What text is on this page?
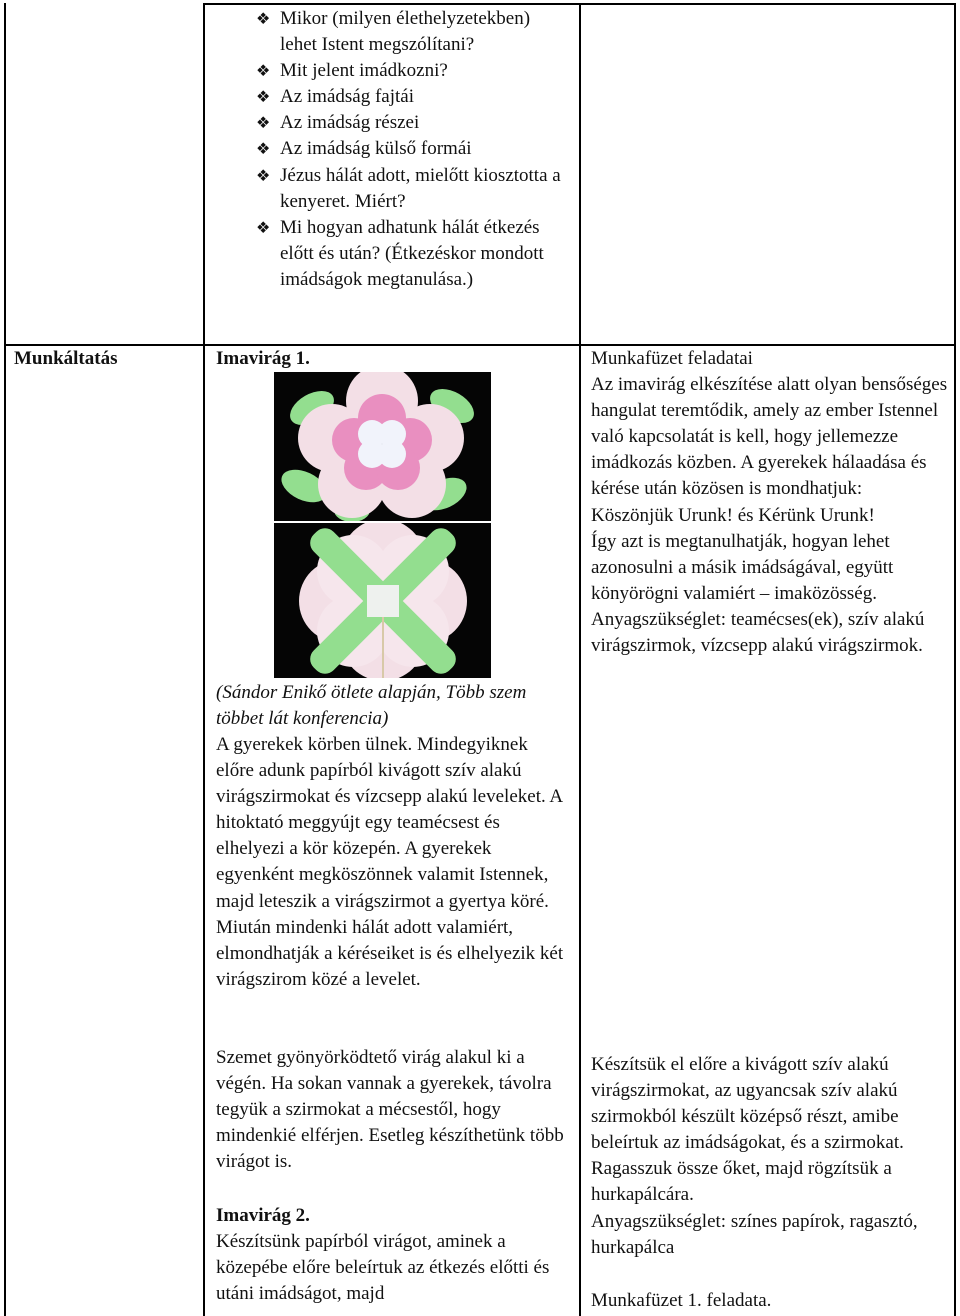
❖ Mikor (milyen élethelyzetekben) lehet Istent megszólítani?
❖ Mit jelent imádkozni?
❖ Az imádság fajtái
❖ Az imádság részei
❖ Az imádság külső formái
❖ Jézus hálát adott, mielőtt kiosztotta a kenyeret. Miért?
❖ Mi hogyan adhatunk hálát étkezés előtt és után? (Étkezéskor mondott imádságok megtanulása.)
Munkáltatás	Imavirág 1.
(Sándor Enikő ötlete alapján, Több szem többet lát konferencia)
A gyerekek körben ülnek. Mindegyiknek előre adunk papírból kivágott szív alakú virágszirmokat és vízcsepp alakú leveleket. A hitoktató meggyújt egy teamécsest és elhelyezi a kör közepén. A gyerekek egyenként megköszönnek valamit Istennek, majd leteszik a virágszirmot a gyertya köré. Miután mindenki hálát adott valamiért, elmondhatják a kéréseiket is és elhelyezik két virágszirom közé a levelet.
Szemet gyönyörködtető virág alakul ki a végén. Ha sokan vannak a gyerekek, távolra tegyük a szirmokat a mécsestől, hogy mindenkié elférjen. Esetleg készíthetünk több virágot is.
Imavirág 2.
Készítsünk papírból virágot, aminek a közepébe előre beleírtuk az étkezés előtti és utáni imádságot, majd
Munkafüzet feladatai
Az imavirág elkészítése alatt olyan bensőséges hangulat teremtődik, amely az ember Istennel való kapcsolatát is kell, hogy jellemezze imádkozás közben. A gyerekek hálaadása és kérése után közösen is mondhatjuk:
Köszönjük Urunk! és Kérünk Urunk!
Így azt is megtanulhatják, hogyan lehet azonosulni a másik imádságával, együtt könyörögni valamiért – imaközösség.
Anyagszükséglet: teamécses(ek), szív alakú virágszirmok, vízcsepp alakú virágszirmok.
Készítsük el előre a kivágott szív alakú virágszirmokat, az ugyancsak szív alakú szirmokból készült középső részt, amibe beleírtuk az imádságokat, és a szirmokat. Ragasszuk össze őket, majd rögzítsük a hurkapálcára.
Anyagszükséglet: színes papírok, ragasztó, hurkapálca
Munkafüzet 1. feladata.
